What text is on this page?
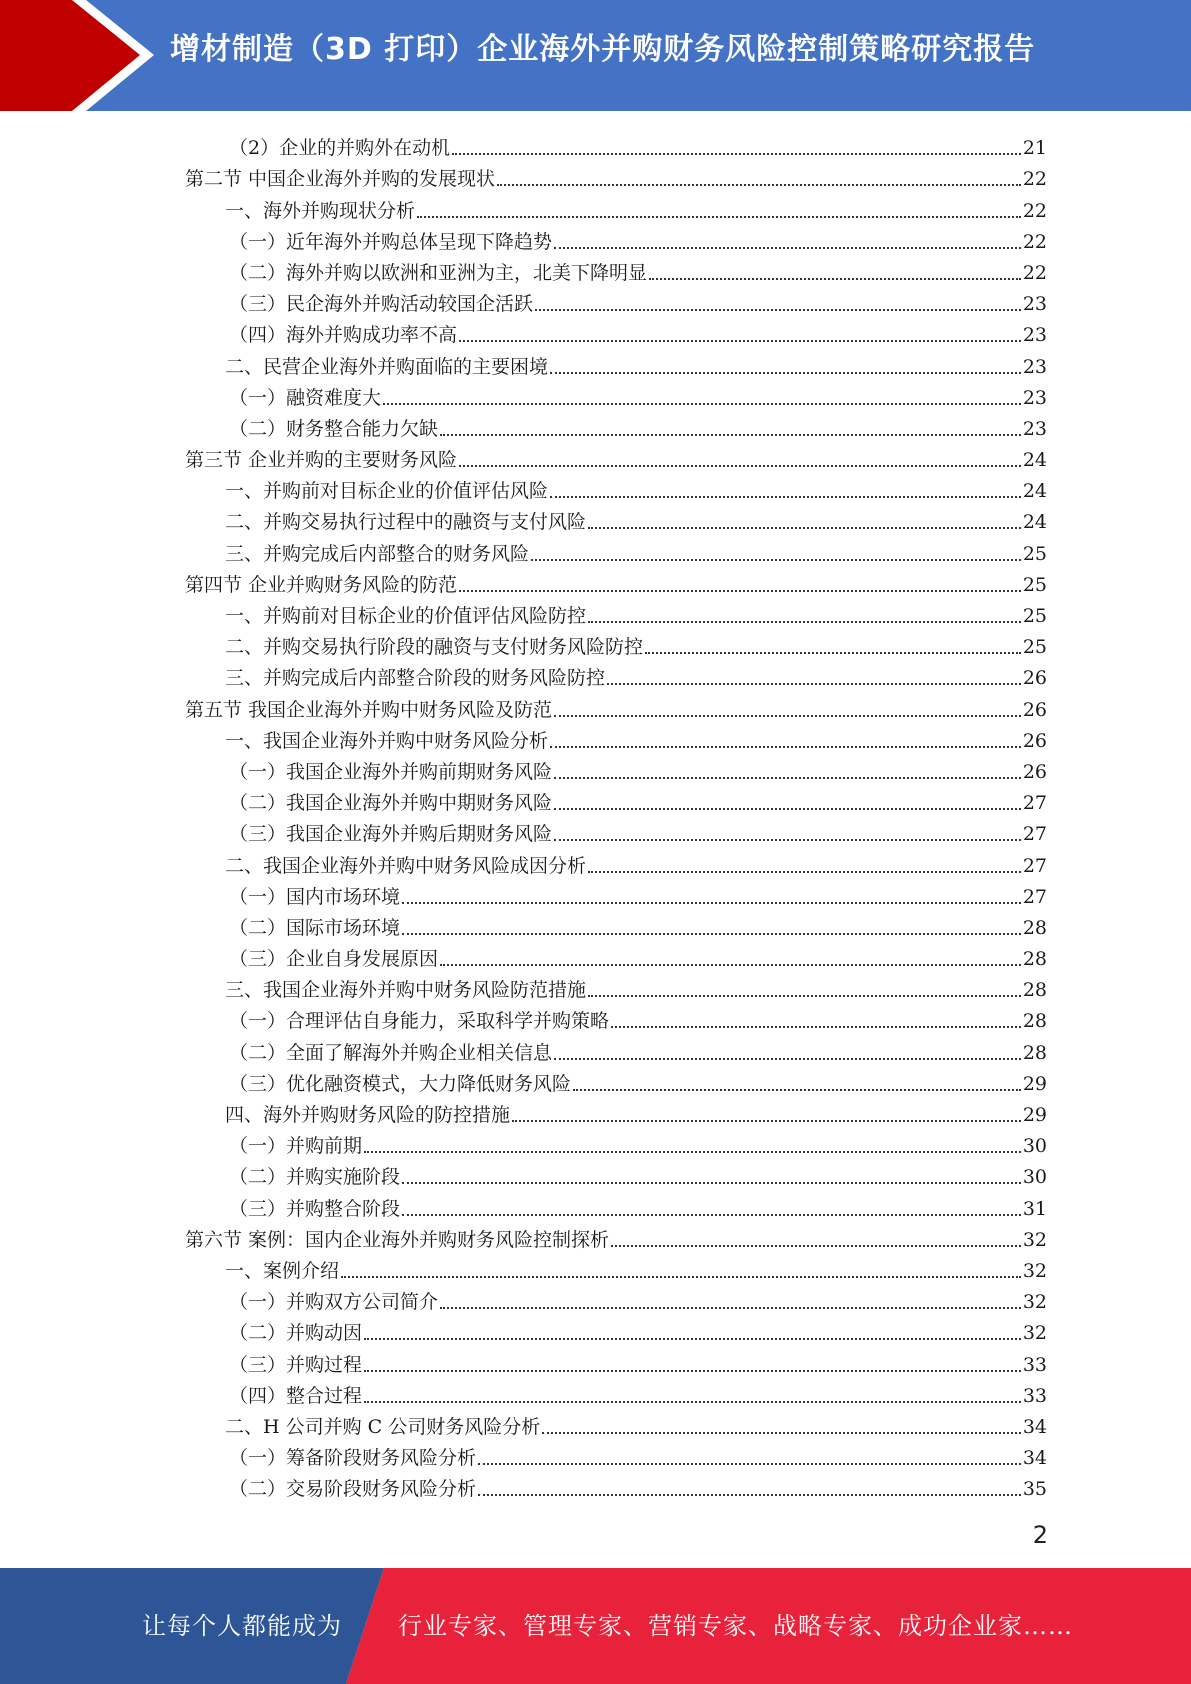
增材制造（3D 打印）企业海外并购财务风险控制策略研究报告
（2）企业的并购外在动机	21
第二节 中国企业海外并购的发展现状	22
一、海外并购现状分析	22
（一）近年海外并购总体呈现下降趋势	22
（二）海外并购以欧洲和亚洲为主，北美下降明显	22
（三）民企海外并购活动较国企活跃	23
（四）海外并购成功率不高	23
二、民营企业海外并购面临的主要困境	23
（一）融资难度大	23
（二）财务整合能力欠缺	23
第三节 企业并购的主要财务风险	24
一、并购前对目标企业的价值评估风险	24
二、并购交易执行过程中的融资与支付风险	24
三、并购完成后内部整合的财务风险	25
第四节 企业并购财务风险的防范	25
一、并购前对目标企业的价值评估风险防控	25
二、并购交易执行阶段的融资与支付财务风险防控	25
三、并购完成后内部整合阶段的财务风险防控	26
第五节 我国企业海外并购中财务风险及防范	26
一、我国企业海外并购中财务风险分析	26
（一）我国企业海外并购前期财务风险	26
（二）我国企业海外并购中期财务风险	27
（三）我国企业海外并购后期财务风险	27
二、我国企业海外并购中财务风险成因分析	27
（一）国内市场环境	27
（二）国际市场环境	28
（三）企业自身发展原因	28
三、我国企业海外并购中财务风险防范措施	28
（一）合理评估自身能力，采取科学并购策略	28
（二）全面了解海外并购企业相关信息	28
（三）优化融资模式，大力降低财务风险	29
四、海外并购财务风险的防控措施	29
（一）并购前期	30
（二）并购实施阶段	30
（三）并购整合阶段	31
第六节 案例：国内企业海外并购财务风险控制探析	32
一、案例介绍	32
（一）并购双方公司简介	32
（二）并购动因	32
（三）并购过程	33
（四）整合过程	33
二、H 公司并购 C 公司财务风险分析	34
（一）筹备阶段财务风险分析	34
（二）交易阶段财务风险分析	35
2
让每个人都能成为 行业专家、管理专家、营销专家、战略专家、成功企业家……
